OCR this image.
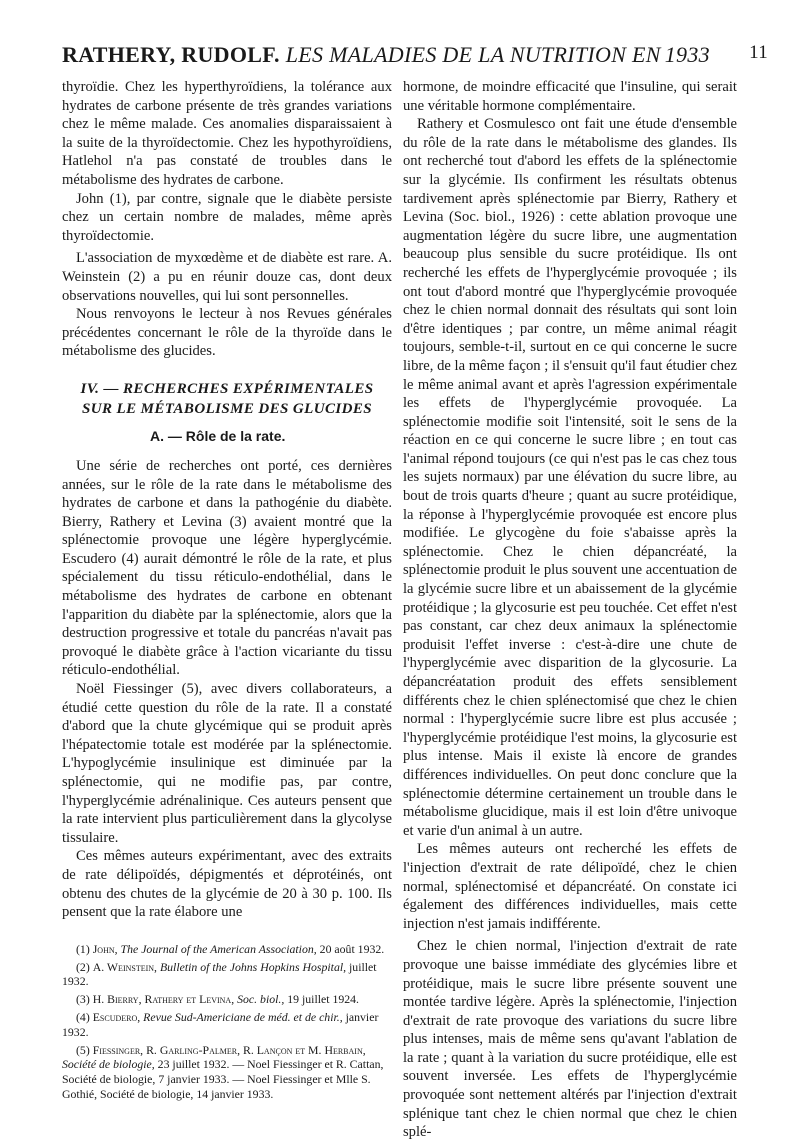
RATHERY, RUDOLF. LES MALADIES DE LA NUTRITION EN 1933 11

thyroïdie. Chez les hyperthyroïdiens, la tolérance aux hydrates de carbone présente de très grandes variations chez le même malade. Ces anomalies disparaissaient à la suite de la thyroïdectomie. Chez les hypothyroïdiens, Hatlehol n'a pas constaté de troubles dans le métabolisme des hydrates de carbone.

John (1), par contre, signale que le diabète persiste chez un certain nombre de malades, même après thyroïdectomie.

L'association de myxœdème et de diabète est rare. A. Weinstein (2) a pu en réunir douze cas, dont deux observations nouvelles, qui lui sont personnelles.

Nous renvoyons le lecteur à nos Revues générales précédentes concernant le rôle de la thyroïde dans le métabolisme des glucides.

IV. — RECHERCHES EXPÉRIMENTALES
SUR LE MÉTABOLISME DES GLUCIDES
A. — Rôle de la rate.

Une série de recherches ont porté, ces dernières années, sur le rôle de la rate dans le métabolisme des hydrates de carbone et dans la pathogénie du diabète. Bierry, Rathery et Levina (3) avaient montré que la splénectomie provoque une légère hyperglycémie. Escudero (4) aurait démontré le rôle de la rate, et plus spécialement du tissu réticulo-endothélial, dans le métabolisme des hydrates de carbone en obtenant l'apparition du diabète par la splénectomie, alors que la destruction progressive et totale du pancréas n'avait pas provoqué le diabète grâce à l'action vicariante du tissu réticulo-endothélial.

Noël Fiessinger (5), avec divers collaborateurs, a étudié cette question du rôle de la rate. Il a constaté d'abord que la chute glycémique qui se produit après l'hépatectomie totale est modérée par la splénectomie. L'hypoglycémie insulinique est diminuée par la splénectomie, qui ne modifie pas, par contre, l'hyperglycémie adrénalinique. Ces auteurs pensent que la rate intervient plus particulièrement dans la glycolyse tissulaire.

Ces mêmes auteurs expérimentant, avec des extraits de rate délipoïdés, dépigmentés et déprotéinés, ont obtenu des chutes de la glycémie de 20 à 30 p. 100. Ils pensent que la rate élabore une

(1) John, The Journal of the American Association, 20 août 1932.

(2) A. Weinstein, Bulletin of the Johns Hopkins Hospital, juillet 1932.

(3) H. Bierry, Rathery et Levina, Soc. biol., 19 juillet 1924.

(4) Escudero, Revue Sud-Americiane de méd. et de chir., janvier 1932.

(5) Fiessinger, R. Garling-Palmer, R. Lançon et M. Herbain, Société de biologie, 23 juillet 1932. — Noel Fiessinger et R. Cattan, Société de biologie, 7 janvier 1933. — Noel Fiessinger et Mlle S. Gothié, Société de biologie, 14 janvier 1933.

hormone, de moindre efficacité que l'insuline, qui serait une véritable hormone complémentaire.

Rathery et Cosmulesco ont fait une étude d'ensemble du rôle de la rate dans le métabolisme des glandes. Ils ont recherché tout d'abord les effets de la splénectomie sur la glycémie. Ils confirment les résultats obtenus tardivement après splénectomie par Bierry, Rathery et Levina (Soc. biol., 1926) : cette ablation provoque une augmentation légère du sucre libre, une augmentation beaucoup plus sensible du sucre protéidique. Ils ont recherché les effets de l'hyperglycémie provoquée ; ils ont tout d'abord montré que l'hyperglycémie provoquée chez le chien normal donnait des résultats qui sont loin d'être identiques ; par contre, un même animal réagit toujours, semble-t-il, surtout en ce qui concerne le sucre libre, de la même façon ; il s'ensuit qu'il faut étudier chez le même animal avant et après l'agression expérimentale les effets de l'hyperglycémie provoquée. La splénectomie modifie soit l'intensité, soit le sens de la réaction en ce qui concerne le sucre libre ; en tout cas l'animal répond toujours (ce qui n'est pas le cas chez tous les sujets normaux) par une élévation du sucre libre, au bout de trois quarts d'heure ; quant au sucre protéidique, la réponse à l'hyperglycémie provoquée est encore plus modifiée. Le glycogène du foie s'abaisse après la splénectomie. Chez le chien dépancréaté, la splénectomie produit le plus souvent une accentuation de la glycémie sucre libre et un abaissement de la glycémie protéidique ; la glycosurie est peu touchée. Cet effet n'est pas constant, car chez deux animaux la splénectomie produisit l'effet inverse : c'est-à-dire une chute de l'hyperglycémie avec disparition de la glycosurie. La dépancréatation produit des effets sensiblement différents chez le chien splénectomisé que chez le chien normal : l'hyperglycémie sucre libre est plus accusée ; l'hyperglycémie protéidique l'est moins, la glycosurie est plus intense. Mais il existe là encore de grandes différences individuelles. On peut donc conclure que la splénectomie détermine certainement un trouble dans le métabolisme glucidique, mais il est loin d'être univoque et varie d'un animal à un autre.

Les mêmes auteurs ont recherché les effets de l'injection d'extrait de rate délipoïdé, chez le chien normal, splénectomisé et dépancréaté. On constate ici également des différences individuelles, mais cette injection n'est jamais indifférente.

Chez le chien normal, l'injection d'extrait de rate provoque une baisse immédiate des glycémies libre et protéidique, mais le sucre libre présente souvent une montée tardive légère. Après la splénectomie, l'injection d'extrait de rate provoque des variations du sucre libre plus intenses, mais de même sens qu'avant l'ablation de la rate ; quant à la variation du sucre protéidique, elle est souvent inversée. Les effets de l'hyperglycémie provoquée sont nettement altérés par l'injection d'extrait splénique tant chez le chien normal que chez le chien splé-
